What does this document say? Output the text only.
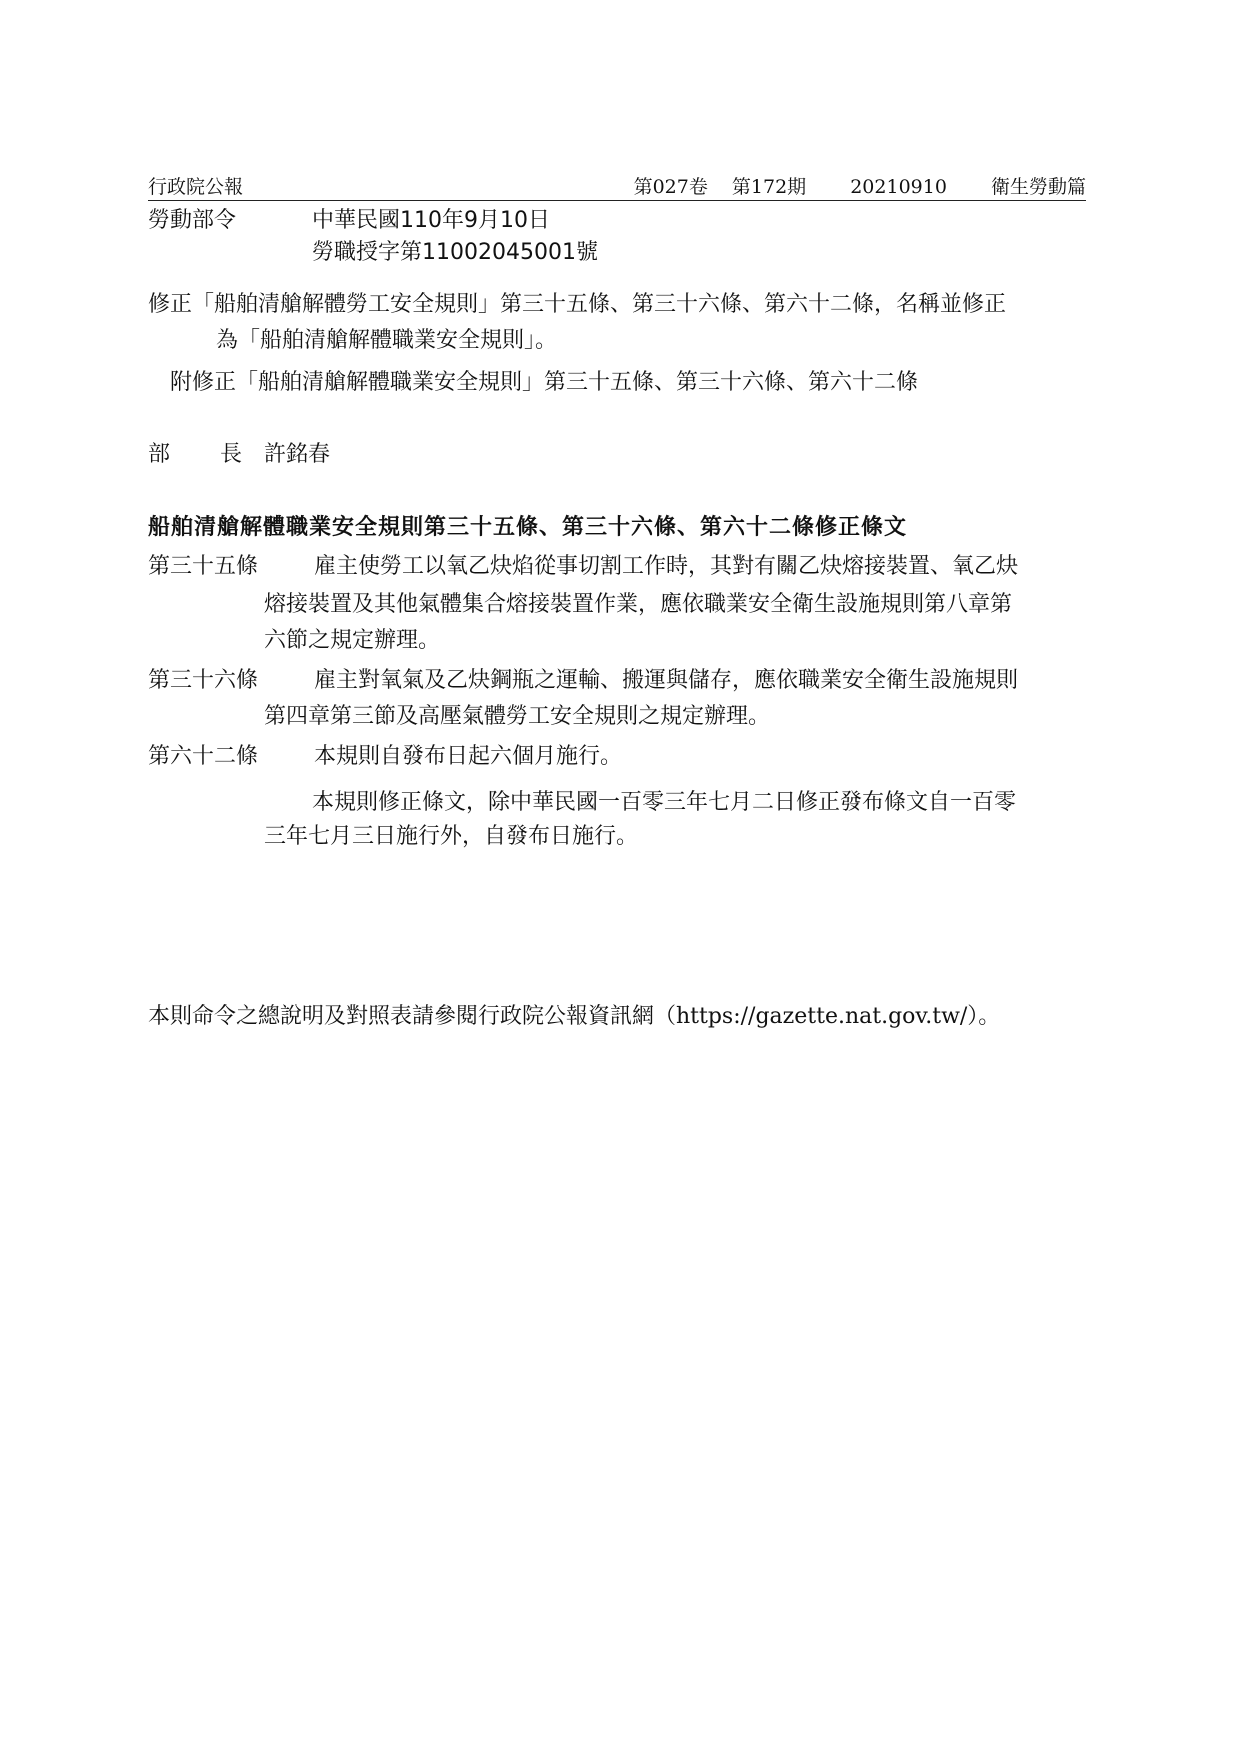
行政院公報	第027卷 第172期 20210910 衛生勞動篇
勞動部令	中華民國110年9月10日
勞職授字第11002045001號
修正「船舶清艙解體勞工安全規則」第三十五條、第三十六條、第六十二條，名稱並修正
為「船舶清艙解體職業安全規則」。
附修正「船舶清艙解體職業安全規則」第三十五條、第三十六條、第六十二條
部 長 許銘春
船舶清艙解體職業安全規則第三十五條、第三十六條、第六十二條修正條文
第三十五條	雇主使勞工以氧乙炔焰從事切割工作時，其對有關乙炔熔接裝置、氧乙炔
熔接裝置及其他氣體集合熔接裝置作業，應依職業安全衛生設施規則第八章第
六節之規定辦理。
第三十六條	雇主對氧氣及乙炔鋼瓶之運輸、搬運與儲存，應依職業安全衛生設施規則
第四章第三節及高壓氣體勞工安全規則之規定辦理。
第六十二條	本規則自發布日起六個月施行。
本規則修正條文，除中華民國一百零三年七月二日修正發布條文自一百零
三年七月三日施行外，自發布日施行。
本則命令之總說明及對照表請參閱行政院公報資訊網（https://gazette.nat.gov.tw/）。
